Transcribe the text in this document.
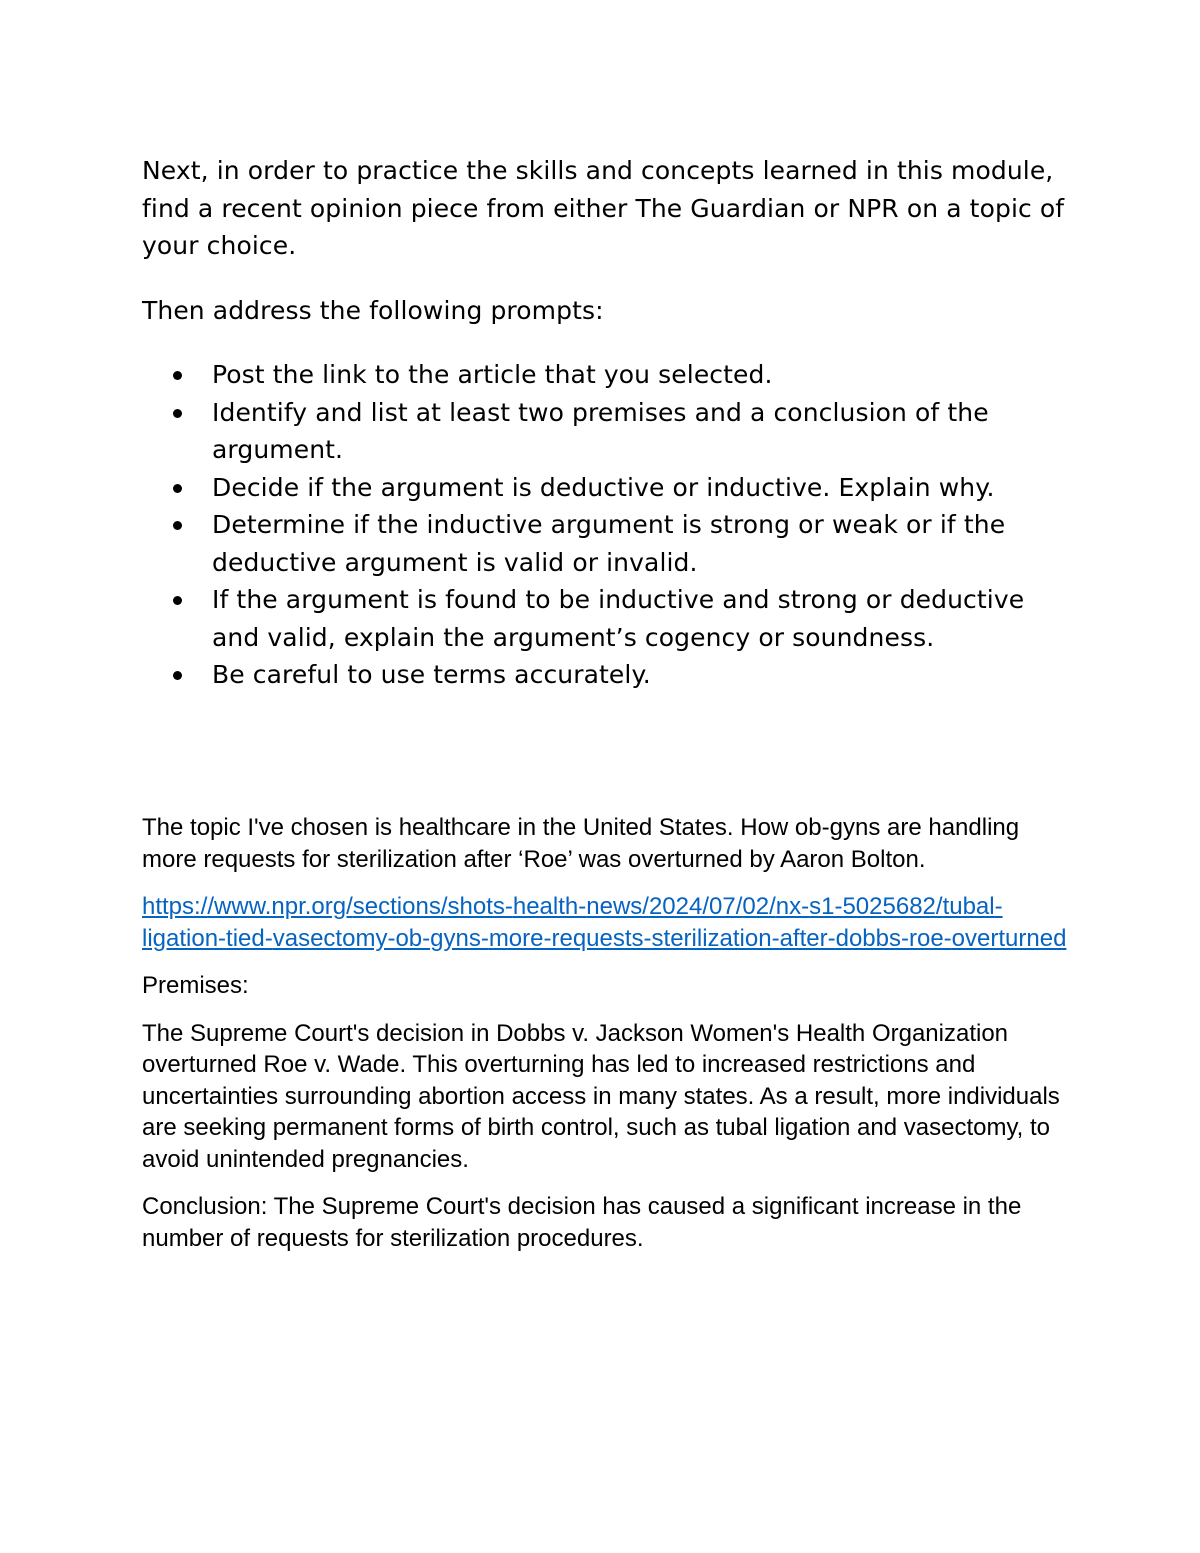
Next, in order to practice the skills and concepts learned in this module, find a recent opinion piece from either The Guardian or NPR on a topic of your choice.

Then address the following prompts:

Post the link to the article that you selected.
Identify and list at least two premises and a conclusion of the argument.
Decide if the argument is deductive or inductive. Explain why.
Determine if the inductive argument is strong or weak or if the deductive argument is valid or invalid.
If the argument is found to be inductive and strong or deductive and valid, explain the argument’s cogency or soundness.
Be careful to use terms accurately.

The topic I've chosen is healthcare in the United States. How ob-gyns are handling more requests for sterilization after ‘Roe’ was overturned by Aaron Bolton.

https://www.npr.org/sections/shots-health-news/2024/07/02/nx-s1-5025682/tubal-ligation-tied-vasectomy-ob-gyns-more-requests-sterilization-after-dobbs-roe-overturned

Premises:

The Supreme Court's decision in Dobbs v. Jackson Women's Health Organization overturned Roe v. Wade. This overturning has led to increased restrictions and uncertainties surrounding abortion access in many states. As a result, more individuals are seeking permanent forms of birth control, such as tubal ligation and vasectomy, to avoid unintended pregnancies.

Conclusion: The Supreme Court's decision has caused a significant increase in the number of requests for sterilization procedures.
